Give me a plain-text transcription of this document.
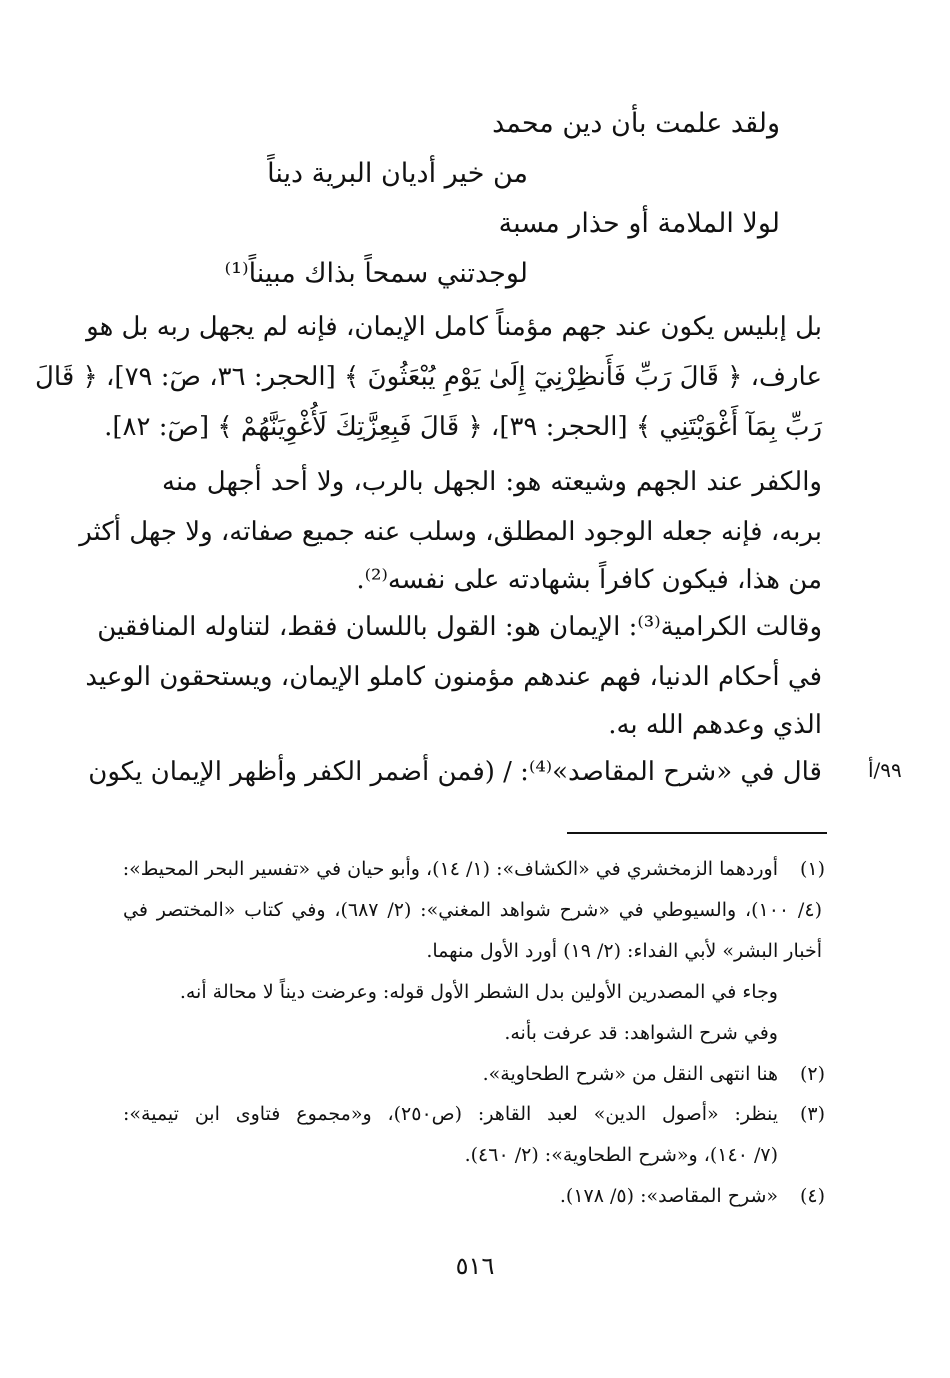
ولقد علمت بأن دين محمد
من خير أديان البرية ديناً
لولا الملامة أو حذار مسبة
لوجدتني سمحاً بذاك مبيناً⁽¹⁾
بل إبليس يكون عند جهم مؤمناً كامل الإيمان، فإنه لم يجهل ربه بل هو
عارف، ﴿ قَالَ رَبِّ فَأَنظِرْنِيٓ إِلَىٰ يَوْمِ يُبْعَثُونَ ﴾ [الحجر: ٣٦، صٓ: ٧٩]، ﴿ قَالَ
رَبِّ بِمَآ أَغْوَيْتَنِي ﴾ [الحجر: ٣٩]، ﴿ قَالَ فَبِعِزَّتِكَ لَأُغْوِيَنَّهُمْ ﴾ [صٓ: ٨٢].
والكفر عند الجهم وشيعته هو: الجهل بالرب، ولا أحد أجهل منه
بربه، فإنه جعله الوجود المطلق، وسلب عنه جميع صفاته، ولا جهل أكثر
من هذا، فيكون كافراً بشهادته على نفسه⁽²⁾.
وقالت الكرامية⁽³⁾: الإيمان هو: القول باللسان فقط، لتناوله المنافقين
في أحكام الدنيا، فهم عندهم مؤمنون كاملو الإيمان، ويستحقون الوعيد
الذي وعدهم الله به.
قال في «شرح المقاصد»⁽⁴⁾: / (فمن أضمر الكفر وأظهر الإيمان يكون ٩٩/أ
(١)
أوردهما الزمخشري في «الكشاف»: (١/ ١٤)، وأبو حيان في «تفسير البحر المحيط»:
(٤/ ١٠٠)، والسيوطي في «شرح شواهد المغني»: (٢/ ٦٨٧)، وفي كتاب «المختصر في
أخبار البشر» لأبي الفداء: (٢/ ١٩) أورد الأول منهما.
وجاء في المصدرين الأولين بدل الشطر الأول قوله: وعرضت ديناً لا محالة أنه.
وفي شرح الشواهد: قد عرفت بأنه.
(٢)
هنا انتهى النقل من «شرح الطحاوية».
(٣)
ينظر: «أصول الدين» لعبد القاهر: (ص٢٥٠)، و«مجموع فتاوى ابن تيمية»:
(٧/ ١٤٠)، و«شرح الطحاوية»: (٢/ ٤٦٠).
(٤)
«شرح المقاصد»: (٥/ ١٧٨).
٥١٦
